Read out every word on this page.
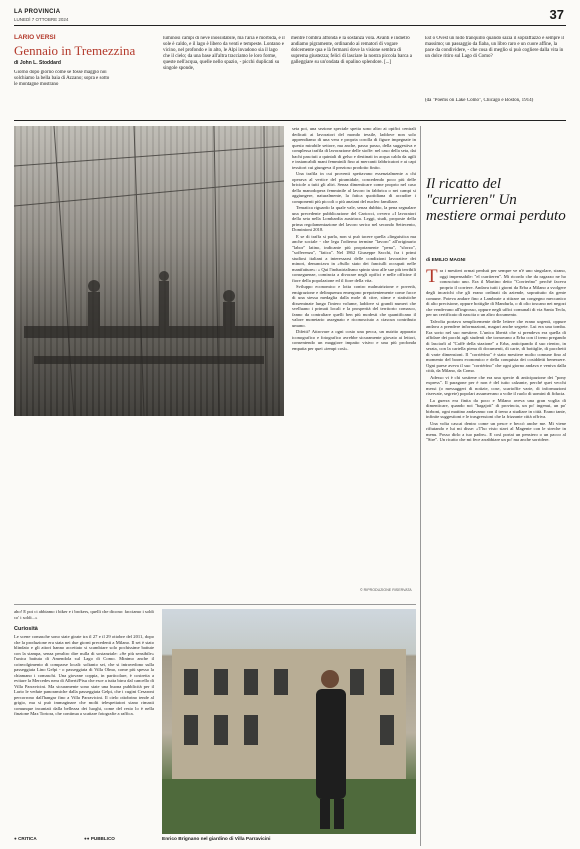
LA PROVINCIA
LUNEDÌ 7 OTTOBRE 2024	37
LARIO VERSI
Gennaio in Tremezzina
di John L. Stoddard
Giorno dopo giorno come se fosse maggio noi solchiamo la bella baia di Azzano; sopra e sotto le montagne mostrano
luminosi campi di neve inossidabile, ma l'aria è morbida, e il sole è caldo, e il lago è libero da venti e tempeste. Lontano e vicino, nel profondo e in alto, le Alpi invadono sia il lago che il cielo; da una base all'altra tracciamo le loro forme, queste nell'acqua, quelle nello spazio, - picchi duplicati su singole sponde,
mentre l'ombra affonda e la sostanza vola. Avanti e indietro andiamo pigramente, ordinando ai rematori di vogare dolcemente qua e là fermarsi dove la visione sembra di suprema giustezza; felici di lasciare la nostra piccola barca a galleggiare su un'ondata di opalino splendore. [...]
Est o Ovest un nido tranquillo quando sazia il sopraffazzo è sempre il massimo; un passaggio da fiaba, un libro raro e un cuore affine, la pace da condividere, - che cosa di meglio si può cogliere dalla vita in un dolce ritiro sul Lago di Como?
(da "Poems on Lake Como", Chicago e Boston, 1914)

seta poi, una sezione speciale spetta sono altro ai opifici centrali dedicati ai lavoratori del mondo tessile, laddove non solo apprendiamo di una vera e propria corolla di figure impegnate in questo mirabile settore, ma anche, passo passo, della suggestiva e complessa trafila di lavorazione delle stoffe: nel caso della seta, dai bachi pasciuti a quintali di gelso e destinati in acqua calda da agili e instancabili mani femminili fino ai mercanti fabbricatori e ai capi tessitori cui giungeva il prezioso prodotto finito.

Una trafila in cui proventi spettavano essenzialmente a chi operava al vertice del piramidale, concedendo poco più delle briciole a tutti gli altri. Senza dimenticare come proprio nel caso della manodopera femminile al lavoro in fabbrica o nei campi si aggiungere, naturalmente, la fatica quotidiana di accudire i componenti più piccoli o più anziani del nucleo familiare.

Tematica riguardo la quale vale, senza dubbio, la pena segnalare una precedente pubblicazione del Cartocci, ovvero «I lavoratori della seta nella Lombardia austriaca. Leggi, studi, proposte della prima regolamentazione del lavoro serico nel secondo Settecento, Dominioni 2018.

E se di traffa si parla, non si può tacere quella «linguistica ma anche sociale - che lega l'odierno termine "lavoro" all'originario "labor" latino, indicante più propriamente "pena", "sforzo", "sofferenza", "fatica". Nel 1862 Giuseppe Sacchi, fra i primi studiosi italiani a interessarsi delle condizioni lavorative dei minori, denunciava in «Sullo stato dei fanciulli occupati nelle manifatture»: « Qui l'industrialismo spinto sino alle sue più terribili conseguenze, comincia a divorare negli opifici e nelle officine il fiore della popolazione ed il fiore della vita.

Sviluppo economico e lotta contro malnutrizione e povertà, emigrazione e delinquenza emergono prepotentemente come facce di una stessa medaglia dalla mole di citre, stime e statistiche disseminate lungo l'intero volume, laddove si grandi numeri che svelluano i primati locali e la prosperità del territorio comasco, fanno da contraltare quelli ben più modesti che quantificano il valore monetario assegnato e riconosciuto a ciascun contributo umano.

Difetti? Attrovare a ogni costo una pecca, un nutrito apparato iconografico e fotografico avrebbe sicuramente giovato ai lettori, consentendo un maggiore impatto visivo e una più profonda empatia per quei «tempi così».

© RIPRODUZIONE RISERVATA
Il ricatto del "currieren" Un mestiere ormai perduto
di EMILIO MAGNI

Tra i mestieri ormai perduti per sempre ve n'è uno singolare, strano, oggi impensabile: "el curriieren". Mi ricordo che da ragazzo ne ho conosciuto uno. Era il Martino detto "Corrierìno" perché faceva proprio il corriere. Andava tutti i giorni da Erba a Milano a svolgere degli incarichi che gli erano ordinati da aziende, soprattutto da gente comune. Poteva andare fino a Lambrate a ritirare un congegno meccanico di alto precisione, oppure bottiglie di Mandurla, o di olio toscano nei negozi che vendevano all'ingrosso, oppure negli uffici comunali di via Santa Tecla, per un certificato di nascita o un altro documento.

Talvolta portava semplicemente delle lettere che erano urgenti, oppure andava a prendere informazioni, magari anche segrete. Lui era una tomba. Era sorto nel suo mestiere. L'unica libertà che si prendeva era quella di affidare dei pacchi agli studenti che tornavano a Erba con il treno pregando di lasciarli al "Caffè della stazione" a Erba, anticipando il suo rientro, in serata, con la cartella piena di documenti, di carte, di bottiglie, di pacchetti di varie dimensioni. Il "corriérìno" è stato mestiere molto comune fino al momento del boom economico e della conquista dei cosiddetti benessere. Ogni paese aveva il suo "corriérìno" che ogni giorno andava e veniva dalla città, da Milano, da Como.

Adesso vi è chi sostiene che era una specie di anticipazione dei "pony express". Il paragone per è non è del tutto calzante, perché quei vecchi messi (o messaggeri di notizie, cose, scartoffie varie, di informazioni riservate, segrete) popolari assumevano a volte il ruolo di uomini di fiducia.

La guerra era finita da poco e Milano aveva una gran voglia di dimenticare, quando noi "bagajott" di provincia, un po' ingenui, un po' birboni, ogni mattino andavamo con il treno a studiare in città. Erano tante, infinite suggestioni e le trasgressioni che la frizzante città offriva.

Una volta cascai dentro come un pesce e beccò anche me. Mi viene rifiutando e lui mi disse: «T'ho visto stavi al Magente con le streche in menu. Posso dirlo a tuo padre». E così portai un pensiero o un pacco al "Sire". Un ricatto che mi fece arrabbiare un po' ma anche sorridere.

aho! E poi ci abbiamo i biker e i brokers, quelli che dicono: facciamo i soldi co' i soldi...»
Curiosità
Le scene comasche sono state girate tra il 27 e il 29 ottobre del 2011, dopo che la produzione era stata nei due giorni precedenti a Milano. Il set è stato blindato e gli attori hanno accettato si scambiare solo pochissime battute con la stampa, senza peraltro dire nulla di sostanziale: «Se più sensibile» l'unica battuta di Amendola sul Lago di Como. Minimo anche il coinvolgimento di comparse locali: soltanto sei, che si intravedono sulla passeggiata Lino Gelpi - o passeggiata di Villa Olmo, come più spesso la chiamano i comaschi. Una giovane coppia, in particolare, è costretta a evitare la Mercedes nera di Alberti/Pisu che esce a tutta birra dal cancello di Villa Parravicini. Ma sicuramente sono state una buona pubblicità per il Lario le vedute panoramiche dalla passeggiata Gelpi, che i cugini Cesaroni percorrono dall'hangar fino a Villa Parravicini. Il cielo ottobrino tende al grigio, ma si può immaginare che molti telespettatori siano rimasti comunque incantati dalla bellezza dei luoghi, come del resto lo è nella finzione Max Tortora, che continua a scattare fotografie a raffica.
● CRITICA	●● PUBBLICO	Enrico Brignano nel giardino di Villa Parravicini
